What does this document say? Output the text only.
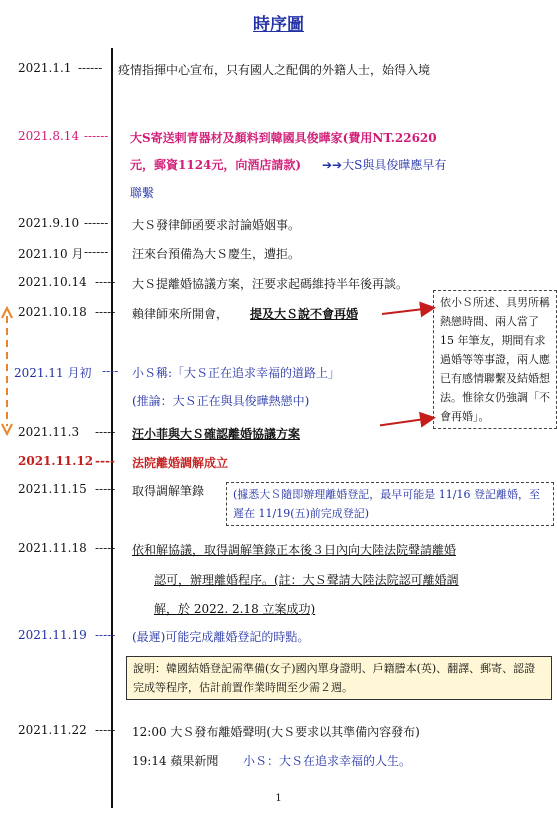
時序圖
2021.1.1 ------ 疫情指揮中心宣布，只有國人之配偶的外籍人士，始得入境
2021.8.14 ------ 大S寄送剌青器材及顏料到韓國具俊曄家(費用NT.22620
元，郵資1124元，向酒店請款) ➔➔大S與具俊曄應早有
聯繫
2021.9.10 ------ 大Ｓ發律師函要求討論婚姻事。
2021.10 月 ------ 汪來台預備為大Ｓ慶生，遭拒。
2021.10.14 ----- 大Ｓ提離婚協議方案，汪要求起碼維持半年後再談。
2021.10.18 ----- 賴律師來所開會， 提及大Ｓ說不會再婚
2021.11 月初 ---- 小Ｓ稱:「大Ｓ正在追求幸福的道路上」
(推論：大Ｓ正在與具俊曄熱戀中)
2021.11.3 ----- 汪小菲與大Ｓ確認離婚協議方案
2021.11.12 ---- 法院離婚調解成立
2021.11.15 ----- 取得調解筆錄
2021.11.18 ----- 依和解協議，取得調解筆錄正本後３日內向大陸法院聲請離婚
認可，辦理離婚程序。(註：大Ｓ聲請大陸法院認可離婚調
解，於 2022. 2.18 立案成功)
2021.11.19 ----- (最遲)可能完成離婚登記的時點。
2021.11.22 ----- 12:00 大Ｓ發布離婚聲明(大Ｓ要求以其準備內容發布)
19:14 蘋果新聞 小Ｓ：大Ｓ在追求幸福的人生。
依小Ｓ所述、具男所稱熱戀時間、兩人當了 15 年筆友，期間有求過婚等等事證，兩人應已有感情聯繫及結婚想法。惟徐女仍強調「不會再婚」。
(據悉大Ｓ隨即辦理離婚登記，最早可能是 11/16 登記離婚，至遲在 11/19(五)前完成登記)
說明：韓國結婚登記需準備(女子)國內單身證明、戶籍謄本(英)、翻譯、郵寄、認證完成等程序，估計前置作業時間至少需２週。
1
